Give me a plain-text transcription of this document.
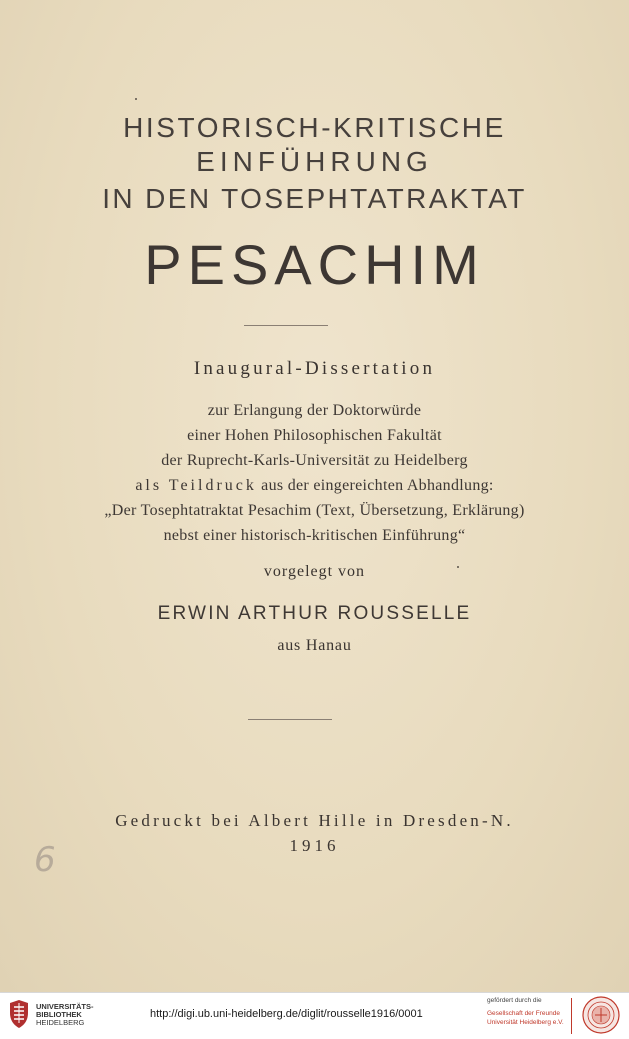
HISTORISCH-KRITISCHE
EINFÜHRUNG
IN DEN TOSEPHTATRAKTAT
PESACHIM
Inaugural-Dissertation
zur Erlangung der Doktorwürde
einer Hohen Philosophischen Fakultät
der Ruprecht-Karls-Universität zu Heidelberg
als Teildruck aus der eingereichten Abhandlung:
„Der Tosephtatraktat Pesachim (Text, Übersetzung, Erklärung)
nebst einer historisch-kritischen Einführung“
vorgelegt von
ERWIN ARTHUR ROUSSELLE
aus Hanau
Gedruckt bei Albert Hille in Dresden-N.
1916
6
UNIVERSITÄTS-
BIBLIOTHEK
HEIDELBERG
http://digi.ub.uni-heidelberg.de/diglit/rousselle1916/0001
gefördert durch die
Gesellschaft der Freunde
Universität Heidelberg e.V.
